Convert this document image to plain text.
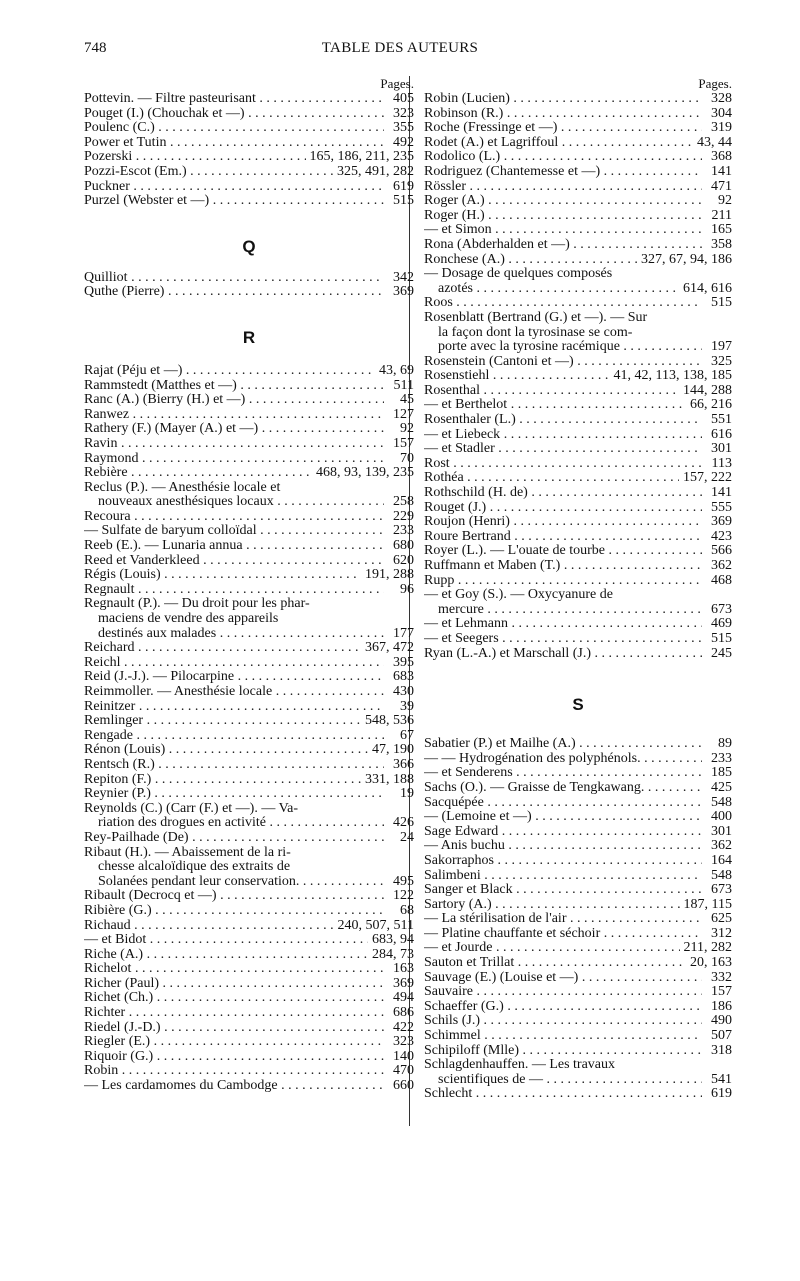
748	TABLE DES AUTEURS
Pages.
Pottevin. — Filtre pasteurisant . . .	405
Pouget (I.) (Chouchak et —) . . .	323
Poulenc (C.) . . .	355
Power et Tutin . . .	492
Pozerski . . .	165, 186, 211, 235
Pozzi-Escot (Em.) . . .	325, 491, 282
Puckner . . .	619
Purzel (Webster et —) . . .	515
Q
Quilliot . . .	342
Quthe (Pierre) . . .	369
R
Rajat (Péju et —) . . .	43, 69
Rammstedt (Matthes et —) . . .	511
Ranc (A.) (Bierry (H.) et —) . . .	45
Ranwez . . .	127
Rathery (F.) (Mayer (A.) et —) . . .	92
Ravin . . .	157
Raymond . . .	70
Rebière . . .	468, 93, 139, 235
Reclus (P.). — Anesthésie locale et
nouveaux anesthésiques locaux . . .	258
Recoura . . .	229
— Sulfate de baryum colloïdal . . .	233
Reeb (E.). — Lunaria annua . . .	680
Reed et Vanderkleed . . .	620
Régis (Louis) . . .	191, 288
Regnault . . .	96
Regnault (P.). — Du droit pour les phar-
maciens de vendre des appareils
destinés aux malades . . .	177
Reichard . . .	367, 472
Reichl . . .	395
Reid (J.-J.). — Pilocarpine . . .	683
Reimmoller. — Anesthésie locale . . .	430
Reinitzer . . .	39
Remlinger . . .	548, 536
Rengade . . .	67
Rénon (Louis) . . .	47, 190
Rentsch (R.) . . .	366
Repiton (F.) . . .	331, 188
Reynier (P.) . . .	19
Reynolds (C.) (Carr (F.) et —). — Va-
riation des drogues en activité . . .	426
Rey-Pailhade (De) . . .	24
Ribaut (H.). — Abaissement de la ri-
chesse alcaloïdique des extraits de
Solanées pendant leur conservation. . . .	495
Ribault (Decrocq et —) . . .	122
Ribière (G.) . . .	68
Richaud . . .	240, 507, 511
— et Bidot . . .	683, 94
Riche (A.) . . .	284, 73
Richelot . . .	163
Richer (Paul) . . .	369
Richet (Ch.) . . .	494
Richter . . .	686
Riedel (J.-D.) . . .	422
Riegler (E.) . . .	323
Riquoir (G.) . . .	140
Robin . . .	470
— Les cardamomes du Cambodge . . .	660
Pages.
Robin (Lucien) . . .	328
Robinson (R.) . . .	304
Roche (Fressinge et —) . . .	319
Rodet (A.) et Lagriffoul . . .	43, 44
Rodolico (L.) . . .	368
Rodriguez (Chantemesse et —) . . .	141
Rössler . . .	471
Roger (A.) . . .	92
Roger (H.) . . .	211
— et Simon . . .	165
Rona (Abderhalden et —) . . .	358
Ronchese (A.) . . .	327, 67, 94, 186
— Dosage de quelques composés
azotés . . .	614, 616
Roos . . .	515
Rosenblatt (Bertrand (G.) et —). — Sur
la façon dont la tyrosinase se com-
porte avec la tyrosine racémique . . .	197
Rosenstein (Cantoni et —) . . .	325
Rosenstiehl . . .	41, 42, 113, 138, 185
Rosenthal . . .	144, 288
— et Berthelot . . .	66, 216
Rosenthaler (L.) . . .	551
— et Liebeck . . .	616
— et Stadler . . .	301
Rost . . .	113
Rothéa . . .	157, 222
Rothschild (H. de) . . .	141
Rouget (J.) . . .	555
Roujon (Henri) . . .	369
Roure Bertrand . . .	423
Royer (L.). — L'ouate de tourbe . . .	566
Ruffmann et Maben (T.) . . .	362
Rupp . . .	468
— et Goy (S.). — Oxycyanure de
mercure . . .	673
— et Lehmann . . .	469
— et Seegers . . .	515
Ryan (L.-A.) et Marschall (J.) . . .	245
S
Sabatier (P.) et Mailhe (A.) . . .	89
— — Hydrogénation des polyphénols. . . .	233
— et Senderens . . .	185
Sachs (O.). — Graisse de Tengkawang. . . .	425
Sacquépée . . .	548
— (Lemoine et —) . . .	400
Sage Edward . . .	301
— Anis buchu . . .	362
Sakorraphos . . .	164
Salimbeni . . .	548
Sanger et Black . . .	673
Sartory (A.) . . .	187, 115
— La stérilisation de l'air . . .	625
— Platine chauffante et séchoir . . .	312
— et Jourde . . .	211, 282
Sauton et Trillat . . .	20, 163
Sauvage (E.) (Louise et —) . . .	332
Sauvaire . . .	157
Schaeffer (G.) . . .	186
Schils (J.) . . .	490
Schimmel . . .	507
Schipiloff (Mlle) . . .	318
Schlagdenhauffen. — Les travaux
scientifiques de — . . .	541
Schlecht . . .	619
